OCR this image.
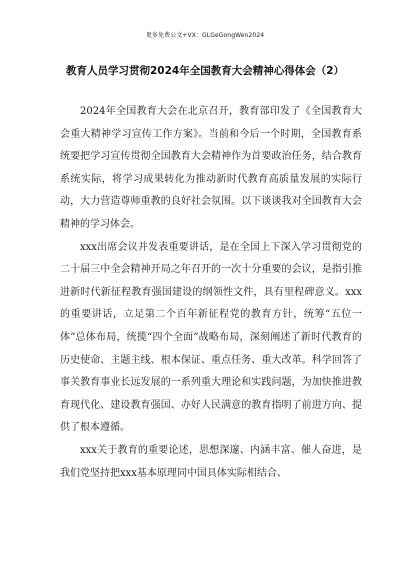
更多免费公文+VX：GLGeGongWen2024
教育人员学习贯彻2024年全国教育大会精神心得体会（2）

2024年全国教育大会在北京召开，教育部印发了《全国教育大会重大精神学习宣传工作方案》。当前和今后一个时期，全国教育系统要把学习宣传贯彻全国教育大会精神作为首要政治任务，结合教育系统实际，将学习成果转化为推动新时代教育高质量发展的实际行动，大力营造尊师重教的良好社会氛围。以下谈谈我对全国教育大会精神的学习体会。

xxx出席会议并发表重要讲话，是在全国上下深入学习贯彻党的二十届三中全会精神开局之年召开的一次十分重要的会议，是指引推进新时代新征程教育强国建设的纲领性文件，具有里程碑意义。xxx的重要讲话，立足第二个百年新征程党的教育方针，统筹“五位一体”总体布局，统揽“四个全面”战略布局，深刻阐述了新时代教育的历史使命、主题主线、根本保证、重点任务、重大改革。科学回答了事关教育事业长远发展的一系列重大理论和实践问题，为加快推进教育现代化、建设教育强国、办好人民满意的教育指明了前进方向、提供了根本遵循。

xxx关于教育的重要论述，思想深邃、内涵丰富、催人奋进，是我们党坚持把xxx基本原理同中国具体实际相结合、
